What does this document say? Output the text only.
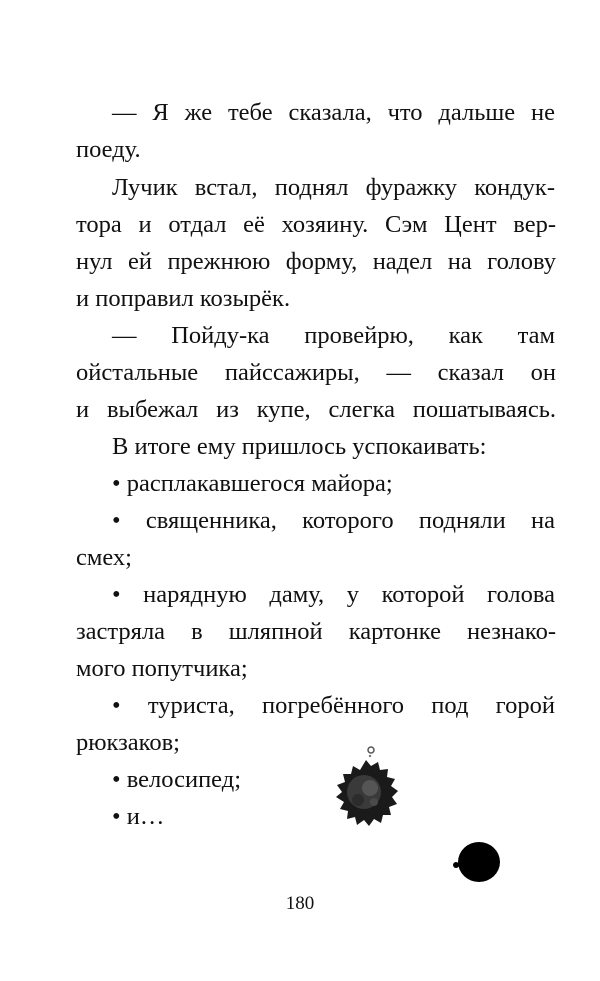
— Я же тебе сказала, что дальше не
поеду.
Лучик встал, поднял фуражку кондук-
тора и отдал её хозяину. Сэм Цент вер-
нул ей прежнюю форму, надел на голову
и поправил козырёк.
— Пойду-ка провейрю, как там
ойстальные пайссажиры, — сказал он
и выбежал из купе, слегка пошатываясь.
В итоге ему пришлось успокаивать:
• расплакавшегося майора;
• священника, которого подняли на
смех;
• нарядную даму, у которой голова
застряла в шляпной картонке незнако-
мого попутчика;
• туриста, погребённого под горой
рюкзаков;
• велосипед;
• и…
180
